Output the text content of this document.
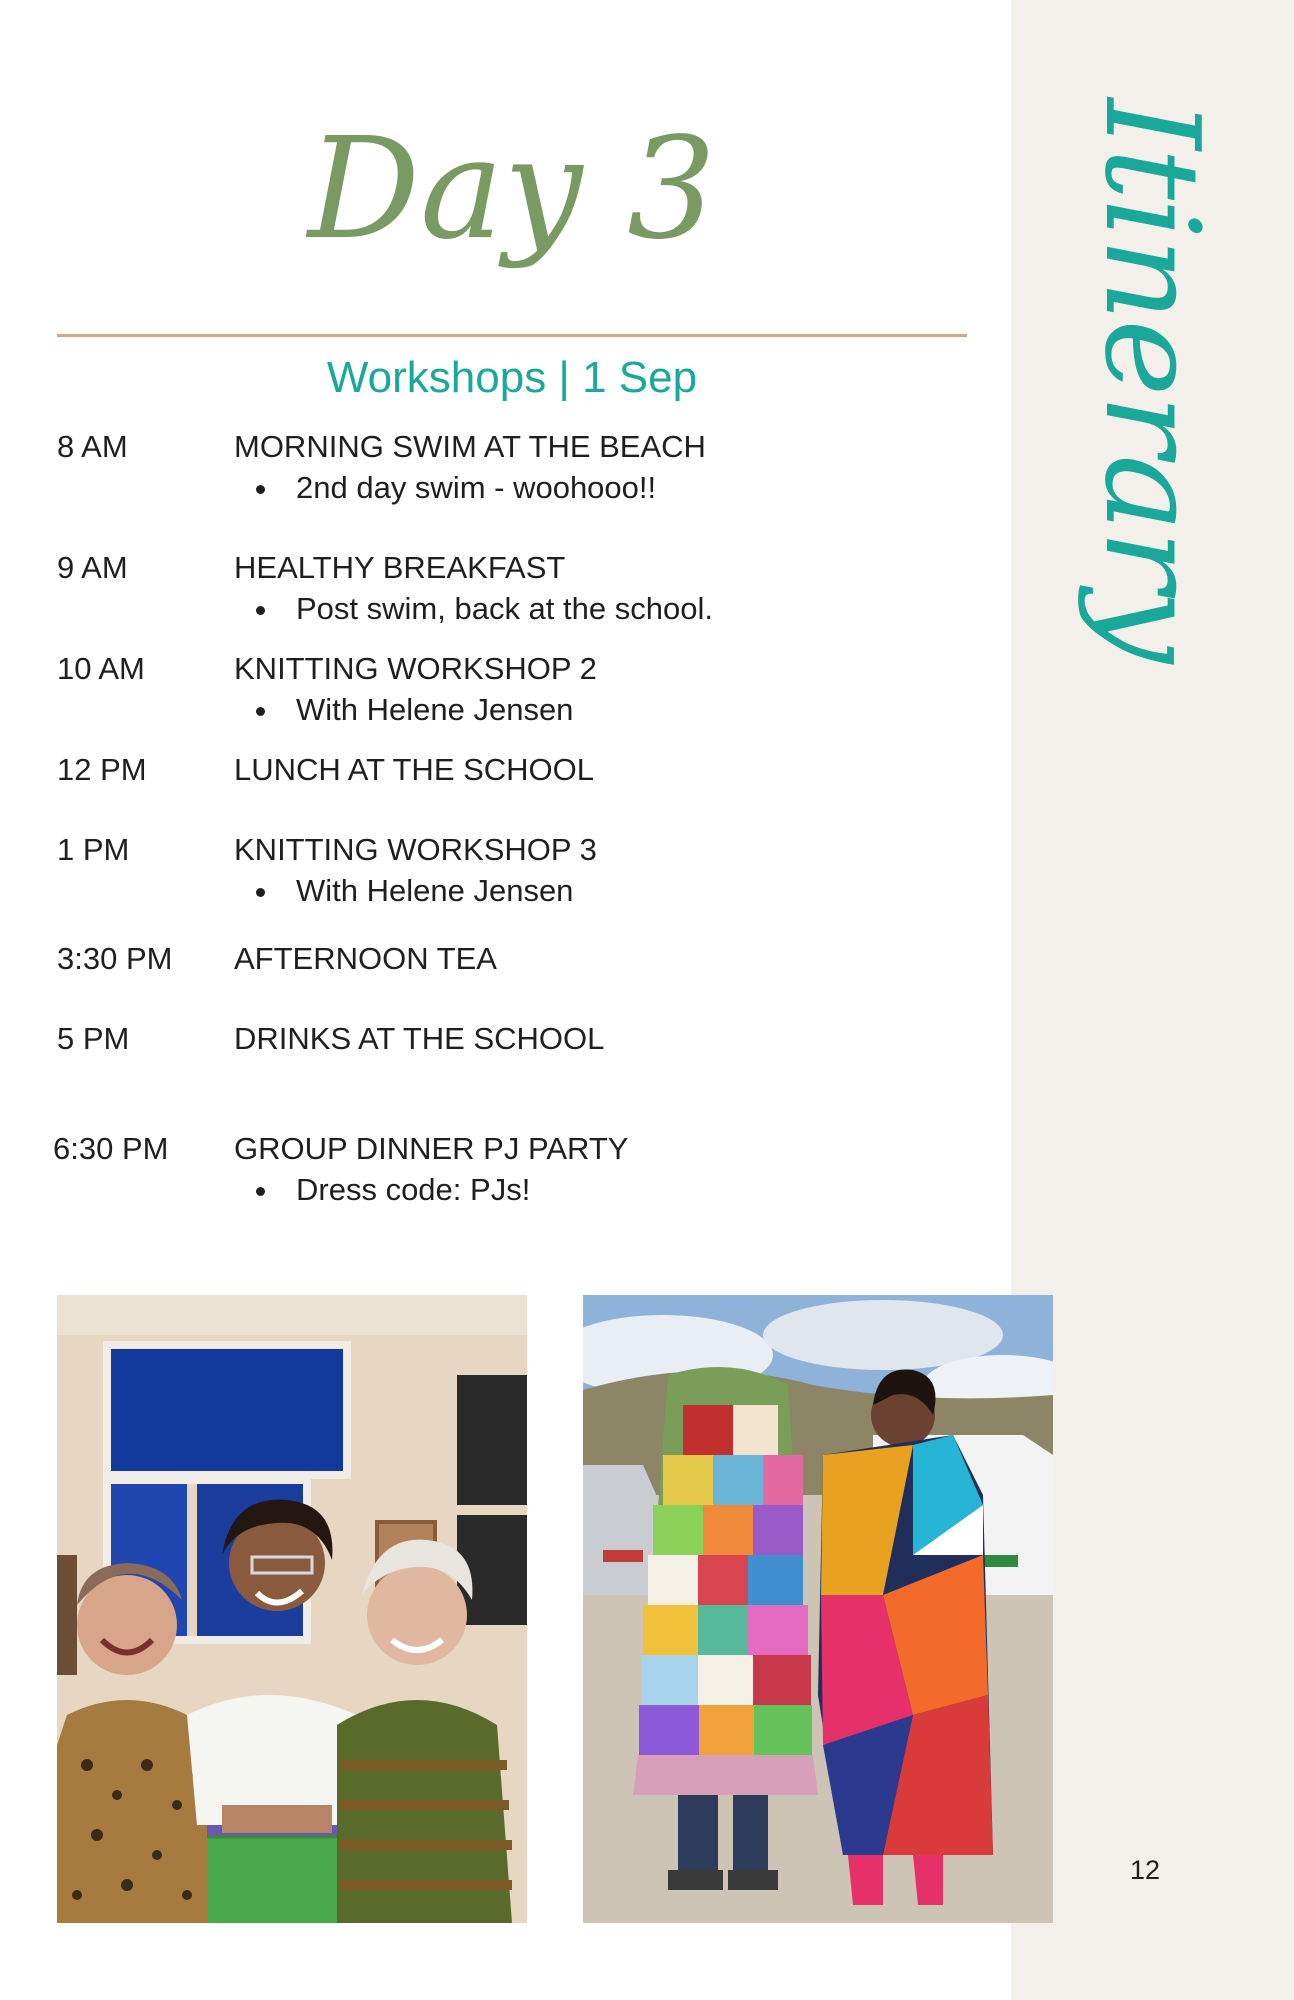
Itinerary
12
Day 3
Workshops | 1 Sep
8 AM	MORNING SWIM AT THE BEACH
2nd day swim - woohooo!!
9 AM	HEALTHY BREAKFAST
Post swim, back at the school.
10 AM	KNITTING WORKSHOP 2
With Helene Jensen
12 PM	LUNCH AT THE SCHOOL
1 PM	KNITTING WORKSHOP 3
With Helene Jensen
3:30 PM AFTERNOON TEA
5 PM	DRINKS AT THE SCHOOL
6:30 PM GROUP DINNER PJ PARTY
Dress code: PJs!
